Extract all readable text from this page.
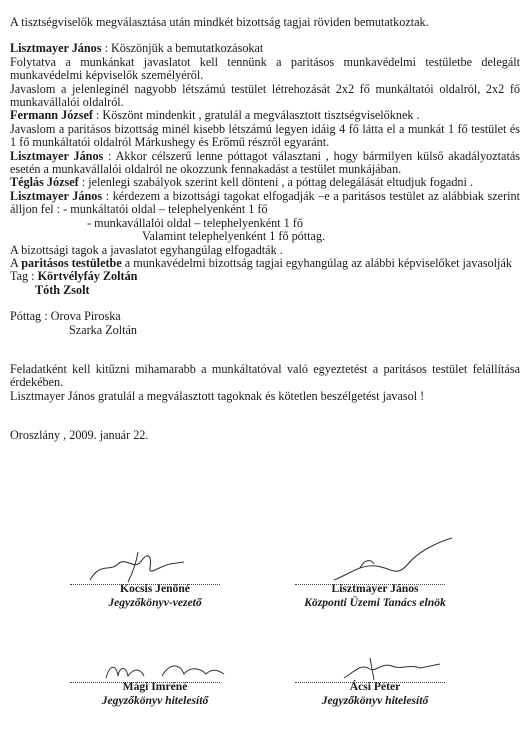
A tisztségviselők megválasztása után mindkét bizottság tagjai röviden bemutatkoztak.

Lisztmayer János : Köszönjük a bemutatkozásokat

Folytatva a munkánkat javaslatot kell tennünk a paritásos munkavédelmi testületbe delegált munkavédelmi képviselők személyéről.

Javaslom a jelenleginél nagyobb létszámú testület létrehozását 2x2 fő munkáltatói oldalról, 2x2 fő munkavállalói oldalról.

Fermann József : Köszönt mindenkit , gratulál a megválasztott tisztségviselőknek .

Javaslom a paritásos bizottság minél kisebb létszámú legyen idáig 4 fő látta el a munkát 1 fő testület és 1 fő munkáltatói oldalról Márkushegy és Erőmű részről egyaránt.

Lisztmayer János : Akkor célszerű lenne póttagot választani , hogy bármilyen külső akadályoztatás esetén a munkavállalói oldalról ne okozzunk fennakadást a testület munkájában.

Téglás József : jelenlegi szabályok szerint kell dönteni , a póttag delegálását eltudjuk fogadni .

Lisztmayer János : kérdezem a bizottsági tagokat elfogadják –e a paritásos testület az alábbiak szerint álljon fel : - munkáltatói oldal – telephelyenként 1 fő

- munkavállalói oldal – telephelyenként 1 fő

Valamint telephelyenként 1 fő póttag.

A bizottsági tagok a javaslatot egyhangúlag elfogadták .

A paritásos testületbe a munkavédelmi bizottság tagjai egyhangúlag az alábbi képviselőket javasolják

Tag : Körtvélyfáy Zoltán

Tóth Zsolt

Póttag : Orova Piroska

Szarka Zoltán

Feladatként kell kitűzni mihamarabb a munkáltatóval való egyeztetést a paritásos testület felállítása érdekében.

Lisztmayer János gratulál a megválasztott tagoknak és kötetlen beszélgetést javasol !

Oroszlány , 2009. január 22.

Kocsis Jenőné
Jegyzőkönyv-vezető
Lisztmayer János
Központi Üzemi Tanács elnök
Mági Imréné
Jegyzőkönyv hitelesítő
Ácsi Péter
Jegyzőkönyv hitelesítő
